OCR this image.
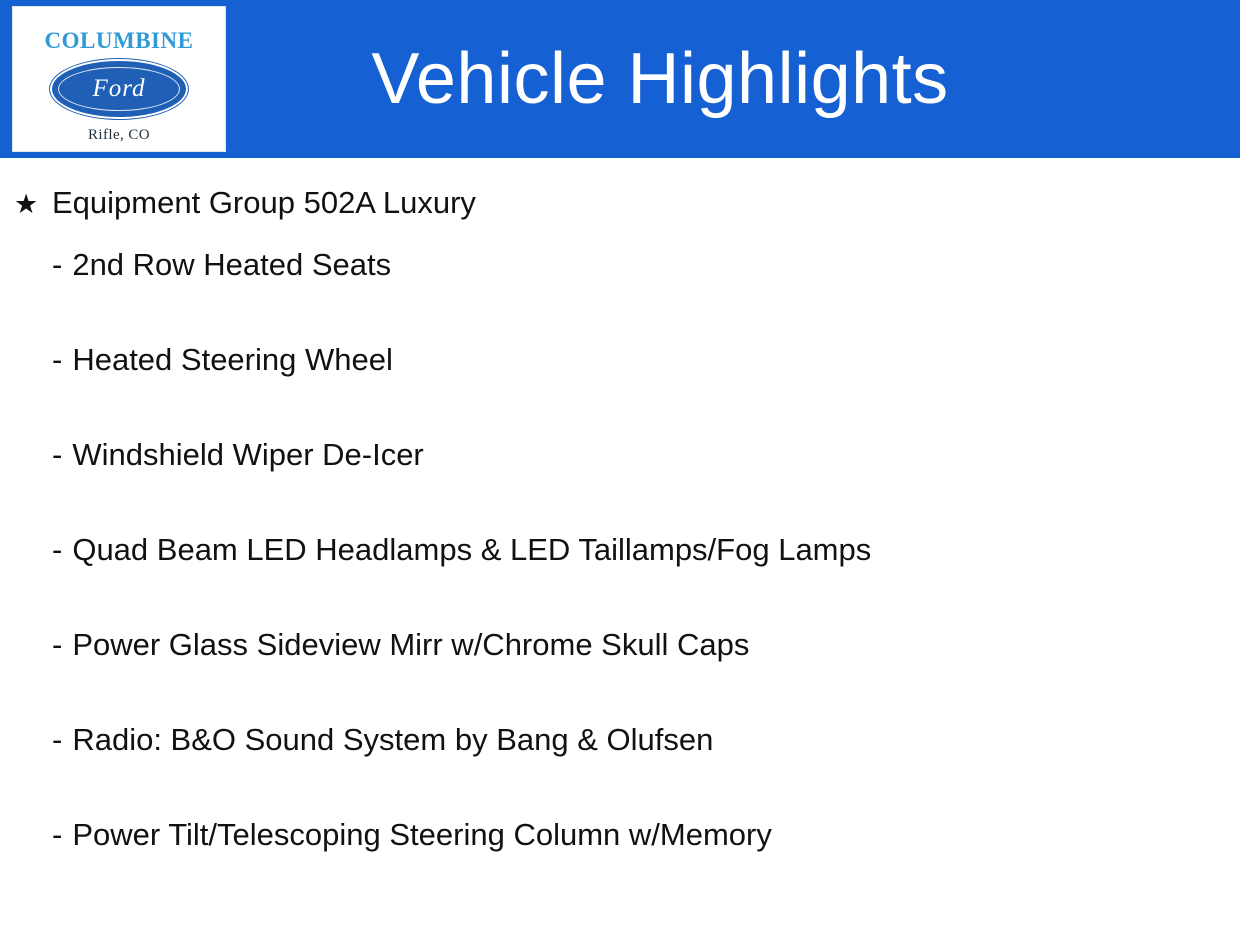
Vehicle Highlights
COLUMBINE
Ford
Rifle, CO
★ Equipment Group 502A Luxury
- 2nd Row Heated Seats
- Heated Steering Wheel
- Windshield Wiper De-Icer
- Quad Beam LED Headlamps & LED Taillamps/Fog Lamps
- Power Glass Sideview Mirr w/Chrome Skull Caps
- Radio: B&O Sound System by Bang & Olufsen
- Power Tilt/Telescoping Steering Column w/Memory
